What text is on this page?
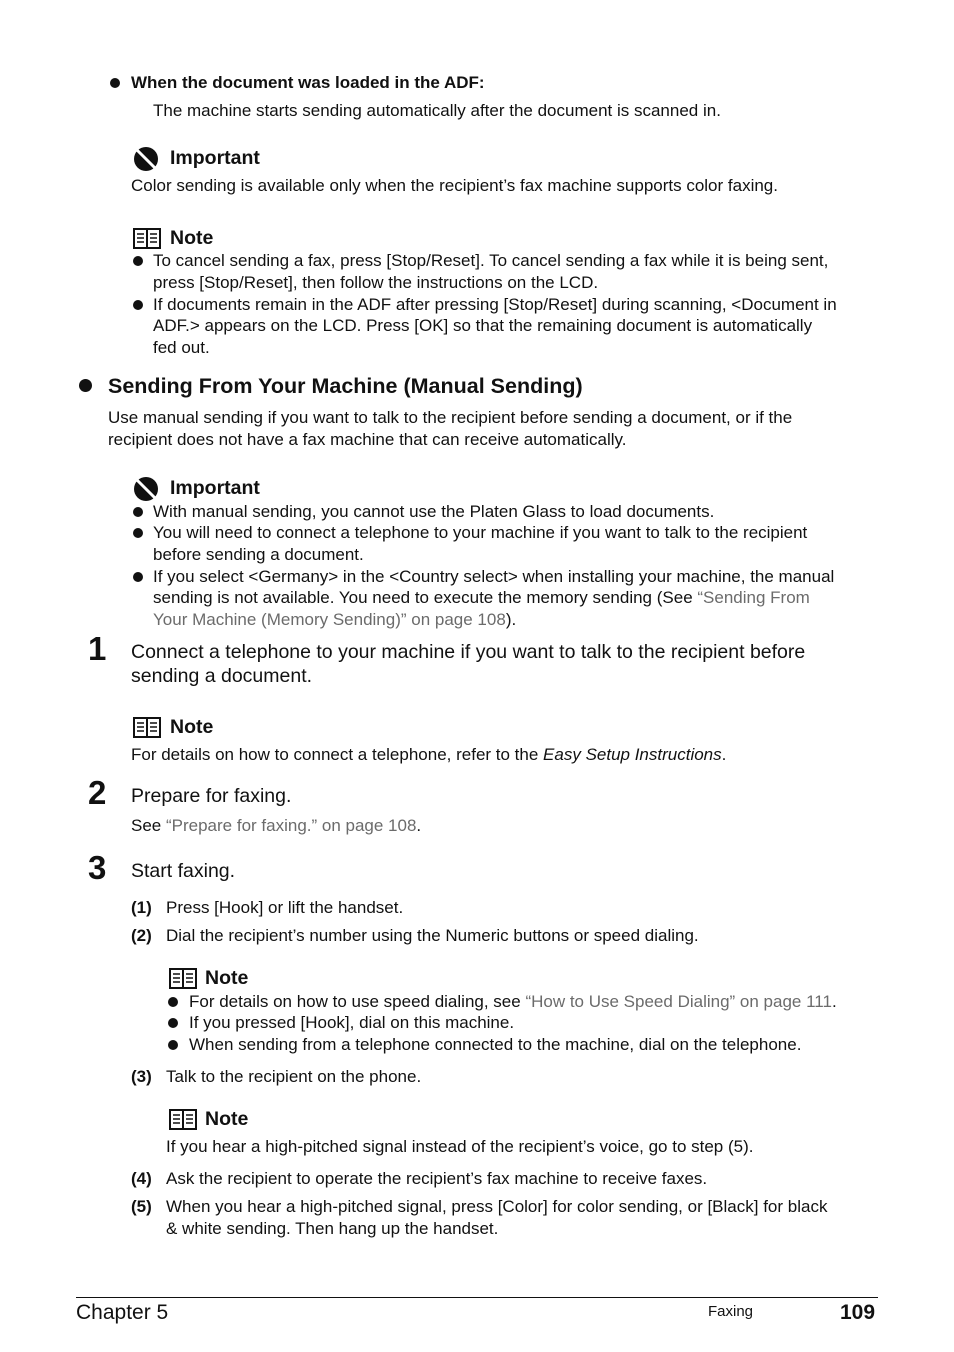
When the document was loaded in the ADF:
The machine starts sending automatically after the document is scanned in.
Important
Color sending is available only when the recipient’s fax machine supports color faxing.
Note
To cancel sending a fax, press [Stop/Reset]. To cancel sending a fax while it is being sent,
press [Stop/Reset], then follow the instructions on the LCD.
If documents remain in the ADF after pressing [Stop/Reset] during scanning, <Document in
ADF.> appears on the LCD. Press [OK] so that the remaining document is automatically
fed out.
Sending From Your Machine (Manual Sending)
Use manual sending if you want to talk to the recipient before sending a document, or if the
recipient does not have a fax machine that can receive automatically.
Important
With manual sending, you cannot use the Platen Glass to load documents.
You will need to connect a telephone to your machine if you want to talk to the recipient
before sending a document.
If you select <Germany> in the <Country select> when installing your machine, the manual
sending is not available. You need to execute the memory sending (See “Sending From
Your Machine (Memory Sending)” on page 108).
1 Connect a telephone to your machine if you want to talk to the recipient before
sending a document.
Note
For details on how to connect a telephone, refer to the Easy Setup Instructions.
2 Prepare for faxing.
See “Prepare for faxing.” on page 108.
3 Start faxing.
(1) Press [Hook] or lift the handset.
(2) Dial the recipient’s number using the Numeric buttons or speed dialing.
Note
For details on how to use speed dialing, see “How to Use Speed Dialing” on page 111.
If you pressed [Hook], dial on this machine.
When sending from a telephone connected to the machine, dial on the telephone.
(3) Talk to the recipient on the phone.
Note
If you hear a high-pitched signal instead of the recipient’s voice, go to step (5).
(4) Ask the recipient to operate the recipient’s fax machine to receive faxes.
(5) When you hear a high-pitched signal, press [Color] for color sending, or [Black] for black
& white sending. Then hang up the handset.
Chapter 5	Faxing	109
